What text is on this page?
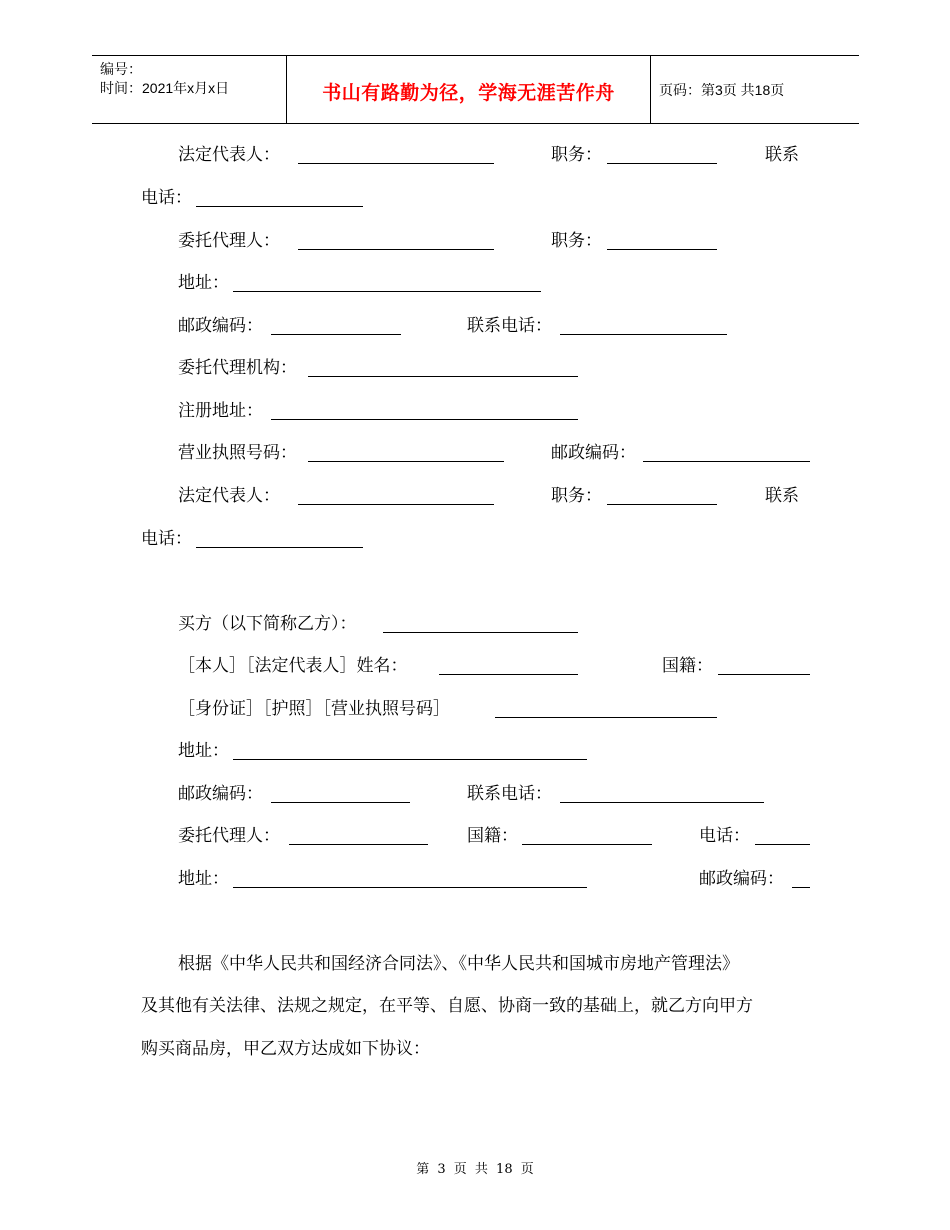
编号：
时间：2021年x月x日	书山有路勤为径，学海无涯苦作舟	页码：第3页 共18页
法定代表人：	职务：	联系
电话：
委托代理人：	职务：
地址：
邮政编码：	联系电话：
委托代理机构：
注册地址：
营业执照号码：	邮政编码：
法定代表人：	职务：	联系
电话：
买方（以下简称乙方）：
［本人］［法定代表人］姓名：	国籍：
［身份证］［护照］［营业执照号码］
地址：
邮政编码：	联系电话：
委托代理人：	国籍：	电话：
地址：	邮政编码：
根据《中华人民共和国经济合同法》、《中华人民共和国城市房地产管理法》
及其他有关法律、法规之规定，在平等、自愿、协商一致的基础上，就乙方向甲方
购买商品房，甲乙双方达成如下协议：
第 3 页 共 18 页
